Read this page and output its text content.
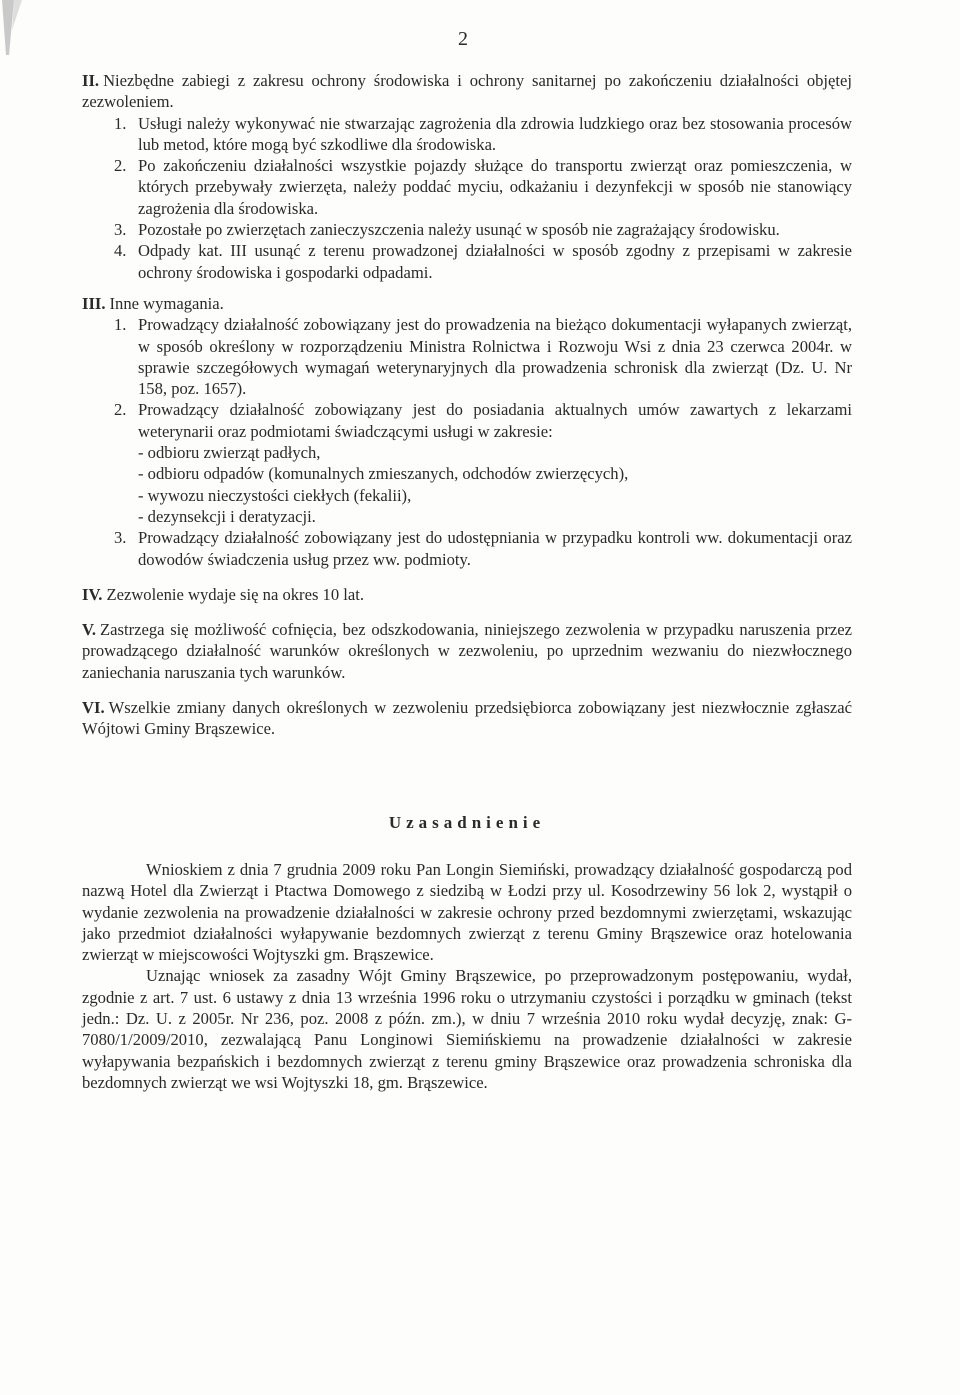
2
II. Niezbędne zabiegi z zakresu ochrony środowiska i ochrony sanitarnej po zakończeniu działalności objętej zezwoleniem.
1. Usługi należy wykonywać nie stwarzając zagrożenia dla zdrowia ludzkiego oraz bez stosowania procesów lub metod, które mogą być szkodliwe dla środowiska.
2. Po zakończeniu działalności wszystkie pojazdy służące do transportu zwierząt oraz pomieszczenia, w których przebywały zwierzęta, należy poddać myciu, odkażaniu i dezynfekcji w sposób nie stanowiący zagrożenia dla środowiska.
3. Pozostałe po zwierzętach zanieczyszczenia należy usunąć w sposób nie zagrażający środowisku.
4. Odpady kat. III usunąć z terenu prowadzonej działalności w sposób zgodny z przepisami w zakresie ochrony środowiska i gospodarki odpadami.
III. Inne wymagania.
1. Prowadzący działalność zobowiązany jest do prowadzenia na bieżąco dokumentacji wyłapanych zwierząt, w sposób określony w rozporządzeniu Ministra Rolnictwa i Rozwoju Wsi z dnia 23 czerwca 2004r. w sprawie szczegółowych wymagań weterynaryjnych dla prowadzenia schronisk dla zwierząt (Dz. U. Nr 158, poz. 1657).
2. Prowadzący działalność zobowiązany jest do posiadania aktualnych umów zawartych z lekarzami weterynarii oraz podmiotami świadczącymi usługi w zakresie:
- odbioru zwierząt padłych,
- odbioru odpadów (komunalnych zmieszanych, odchodów zwierzęcych),
- wywozu nieczystości ciekłych (fekalii),
- dezynsekcji i deratyzacji.
3. Prowadzący działalność zobowiązany jest do udostępniania w przypadku kontroli ww. dokumentacji oraz dowodów świadczenia usług przez ww. podmioty.
IV. Zezwolenie wydaje się na okres 10 lat.
V. Zastrzega się możliwość cofnięcia, bez odszkodowania, niniejszego zezwolenia w przypadku naruszenia przez prowadzącego działalność warunków określonych w zezwoleniu, po uprzednim wezwaniu do niezwłocznego zaniechania naruszania tych warunków.
VI. Wszelkie zmiany danych określonych w zezwoleniu przedsiębiorca zobowiązany jest niezwłocznie zgłaszać Wójtowi Gminy Brąszewice.
Uzasadnienie
Wnioskiem z dnia 7 grudnia 2009 roku Pan Longin Siemiński, prowadzący działalność gospodarczą pod nazwą Hotel dla Zwierząt i Ptactwa Domowego z siedzibą w Łodzi przy ul. Kosodrzewiny 56 lok 2, wystąpił o wydanie zezwolenia na prowadzenie działalności w zakresie ochrony przed bezdomnymi zwierzętami, wskazując jako przedmiot działalności wyłapywanie bezdomnych zwierząt z terenu Gminy Brąszewice oraz hotelowania zwierząt w miejscowości Wojtyszki gm. Brąszewice.
Uznając wniosek za zasadny Wójt Gminy Brąszewice, po przeprowadzonym postępowaniu, wydał, zgodnie z art. 7 ust. 6 ustawy z dnia 13 września 1996 roku o utrzymaniu czystości i porządku w gminach (tekst jedn.: Dz. U. z 2005r. Nr 236, poz. 2008 z późn. zm.), w dniu 7 września 2010 roku wydał decyzję, znak: G-7080/1/2009/2010, zezwalającą Panu Longinowi Siemińskiemu na prowadzenie działalności w zakresie wyłapywania bezpańskich i bezdomnych zwierząt z terenu gminy Brąszewice oraz prowadzenia schroniska dla bezdomnych zwierząt we wsi Wojtyszki 18, gm. Brąszewice.
